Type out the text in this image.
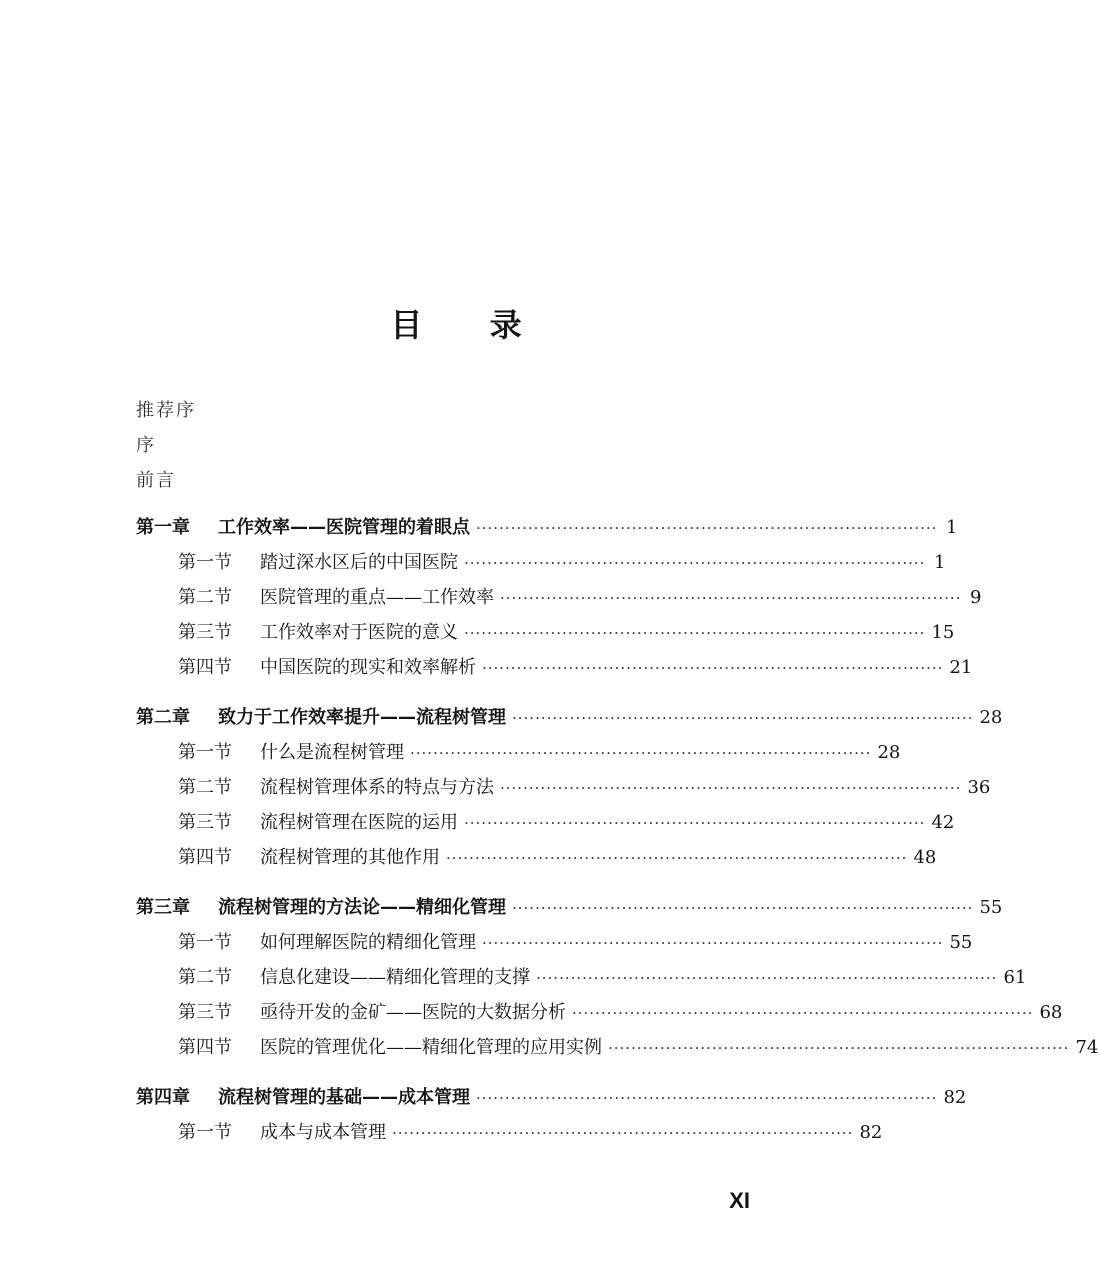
目 录
推荐序
序
前言
第一章	工作效率——医院管理的着眼点 ················································································ 1
第一节	踏过深水区后的中国医院 ················································································ 1
第二节	医院管理的重点——工作效率 ················································································ 9
第三节	工作效率对于医院的意义 ················································································ 15
第四节	中国医院的现实和效率解析 ················································································ 21
第二章	致力于工作效率提升——流程树管理 ················································································ 28
第一节	什么是流程树管理 ················································································ 28
第二节	流程树管理体系的特点与方法 ················································································ 36
第三节	流程树管理在医院的运用 ················································································ 42
第四节	流程树管理的其他作用 ················································································ 48
第三章	流程树管理的方法论——精细化管理 ················································································ 55
第一节	如何理解医院的精细化管理 ················································································ 55
第二节	信息化建设——精细化管理的支撑 ················································································ 61
第三节	亟待开发的金矿——医院的大数据分析 ················································································ 68
第四节	医院的管理优化——精细化管理的应用实例 ················································································ 74
第四章	流程树管理的基础——成本管理 ················································································ 82
第一节	成本与成本管理 ················································································ 82
XI
